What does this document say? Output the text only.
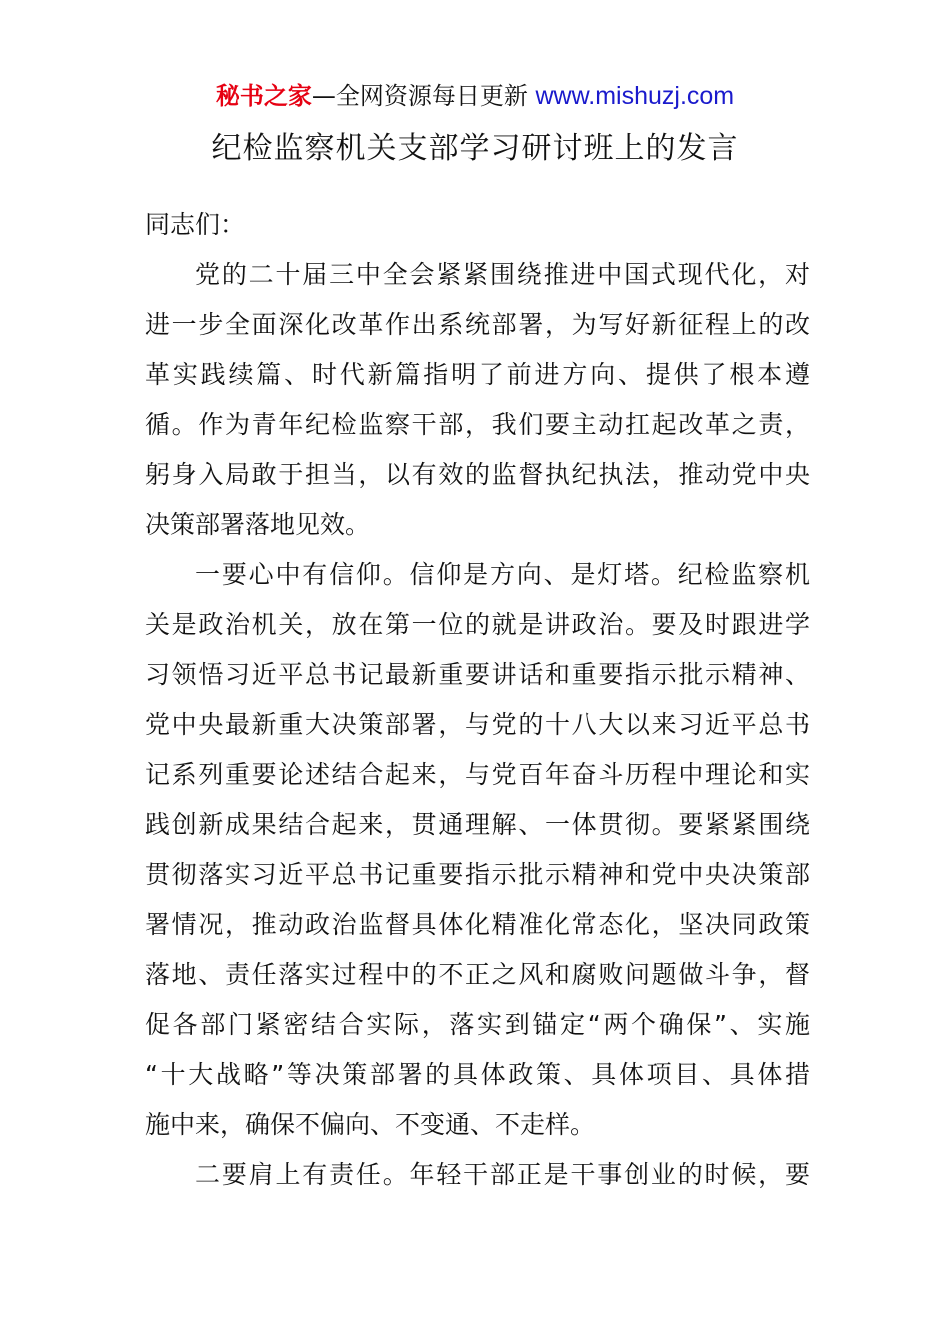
秘书之家—全网资源每日更新 www.mishuzj.com
纪检监察机关支部学习研讨班上的发言
同志们：
党的二十届三中全会紧紧围绕推进中国式现代化，对
进一步全面深化改革作出系统部署，为写好新征程上的改
革实践续篇、时代新篇指明了前进方向、提供了根本遵
循。作为青年纪检监察干部，我们要主动扛起改革之责，
躬身入局敢于担当，以有效的监督执纪执法，推动党中央
决策部署落地见效。
一要心中有信仰。信仰是方向、是灯塔。纪检监察机
关是政治机关，放在第一位的就是讲政治。要及时跟进学
习领悟习近平总书记最新重要讲话和重要指示批示精神、
党中央最新重大决策部署，与党的十八大以来习近平总书
记系列重要论述结合起来，与党百年奋斗历程中理论和实
践创新成果结合起来，贯通理解、一体贯彻。要紧紧围绕
贯彻落实习近平总书记重要指示批示精神和党中央决策部
署情况，推动政治监督具体化精准化常态化，坚决同政策
落地、责任落实过程中的不正之风和腐败问题做斗争，督
促各部门紧密结合实际，落实到锚定“两个确保”、实施
“十大战略”等决策部署的具体政策、具体项目、具体措
施中来，确保不偏向、不变通、不走样。
二要肩上有责任。年轻干部正是干事创业的时候，要
